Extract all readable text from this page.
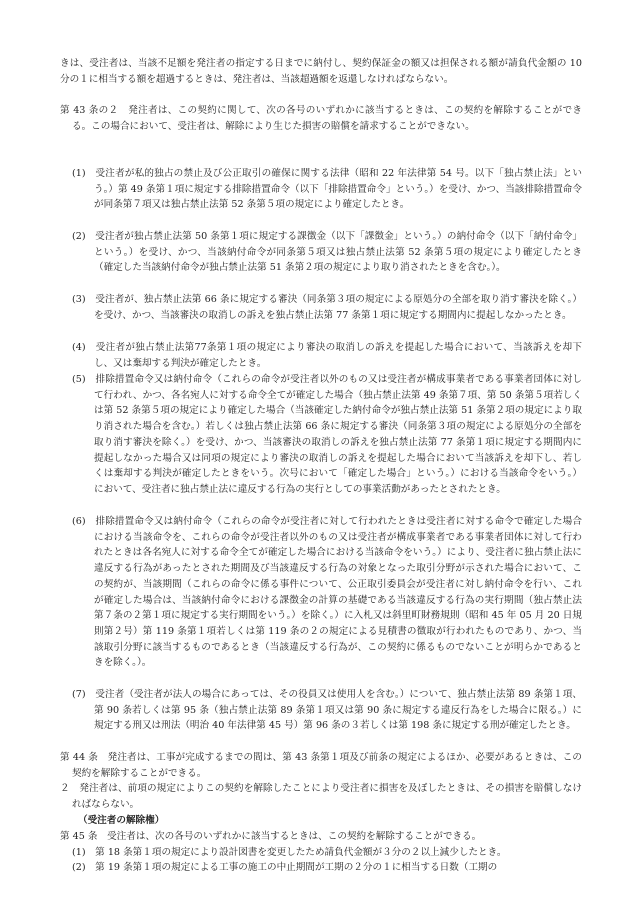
きは、受注者は、当該不足額を発注者の指定する日までに納付し、契約保証金の額又は担保される額が請負代金額の 10 分の１に相当する額を超過するときは、発注者は、当該超過額を返還しなければならない。

第 43 条の２　発注者は、この契約に関して、次の各号のいずれかに該当するときは、この契約を解除することができる。この場合において、受注者は、解除により生じた損害の賠償を請求することができない。

(1)　受注者が私的独占の禁止及び公正取引の確保に関する法律（昭和 22 年法律第 54 号。以下「独占禁止法」という。）第 49 条第１項に規定する排除措置命令（以下「排除措置命令」という。）を受け、かつ、当該排除措置命令が同条第７項又は独占禁止法第 52 条第５項の規定により確定したとき。

(2)　受注者が独占禁止法第 50 条第１項に規定する課徴金（以下「課徴金」という。）の納付命令（以下「納付命令」という。）を受け、かつ、当該納付命令が同条第５項又は独占禁止法第 52 条第５項の規定により確定したとき（確定した当該納付命令が独占禁止法第 51 条第２項の規定により取り消されたときを含む。）。

(3)　受注者が、独占禁止法第 66 条に規定する審決（同条第３項の規定による原処分の全部を取り消す審決を除く。）を受け、かつ、当該審決の取消しの訴えを独占禁止法第 77 条第１項に規定する期間内に提起しなかったとき。

(4)　受注者が独占禁止法第77条第１項の規定により審決の取消しの訴えを提起した場合において、当該訴えを却下し、又は棄却する判決が確定したとき。

(5)　排除措置命令又は納付命令（これらの命令が受注者以外のもの又は受注者が構成事業者である事業者団体に対して行われ、かつ、各名宛人に対する命令全てが確定した場合（独占禁止法第 49 条第７項、第 50 条第５項若しくは第 52 条第５項の規定により確定した場合（当該確定した納付命令が独占禁止法第 51 条第２項の規定により取り消された場合を含む。）若しくは独占禁止法第 66 条に規定する審決（同条第３項の規定による原処分の全部を取り消す審決を除く。）を受け、かつ、当該審決の取消しの訴えを独占禁止法第 77 条第１項に規定する期間内に提起しなかった場合又は同項の規定により審決の取消しの訴えを提起した場合において当該訴えを却下し、若しくは棄却する判決が確定したときをいう。次号において「確定した場合」という。）における当該命令をいう。）において、受注者に独占禁止法に違反する行為の実行としての事業活動があったとされたとき。

(6)　排除措置命令又は納付命令（これらの命令が受注者に対して行われたときは受注者に対する命令で確定した場合における当該命令を、これらの命令が受注者以外のもの又は受注者が構成事業者である事業者団体に対して行われたときは各名宛人に対する命令全てが確定した場合における当該命令をいう。）により、受注者に独占禁止法に違反する行為があったとされた期間及び当該違反する行為の対象となった取引分野が示された場合において、この契約が、当該期間（これらの命令に係る事件について、公正取引委員会が受注者に対し納付命令を行い、これが確定した場合は、当該納付命令における課徴金の計算の基礎である当該違反する行為の実行期間（独占禁止法第７条の２第１項に規定する実行期間をいう。）を除く。）に入札又は斜里町財務規則（昭和 45 年 05 月 20 日規則第２号）第 119 条第１項若しくは第 119 条の２の規定による見積書の徴取が行われたものであり、かつ、当該取引分野に該当するものであるとき（当該違反する行為が、この契約に係るものでないことが明らかであるときを除く。）。

(7)　受注者（受注者が法人の場合にあっては、その役員又は使用人を含む。）について、独占禁止法第 89 条第１項、第 90 条若しくは第 95 条（独占禁止法第 89 条第１項又は第 90 条に規定する違反行為をした場合に限る。）に規定する刑又は刑法（明治 40 年法律第 45 号）第 96 条の３若しくは第 198 条に規定する刑が確定したとき。

第 44 条　発注者は、工事が完成するまでの間は、第 43 条第１項及び前条の規定によるほか、必要があるときは、この契約を解除することができる。

２　発注者は、前項の規定によりこの契約を解除したことにより受注者に損害を及ぼしたときは、その損害を賠償しなければならない。

（受注者の解除権）

第 45 条　受注者は、次の各号のいずれかに該当するときは、この契約を解除することができる。

(1)　第 18 条第１項の規定により設計図書を変更したため請負代金額が３分の２以上減少したとき。

(2)　第 19 条第１項の規定による工事の施工の中止期間が工期の２分の１に相当する日数（工期の
